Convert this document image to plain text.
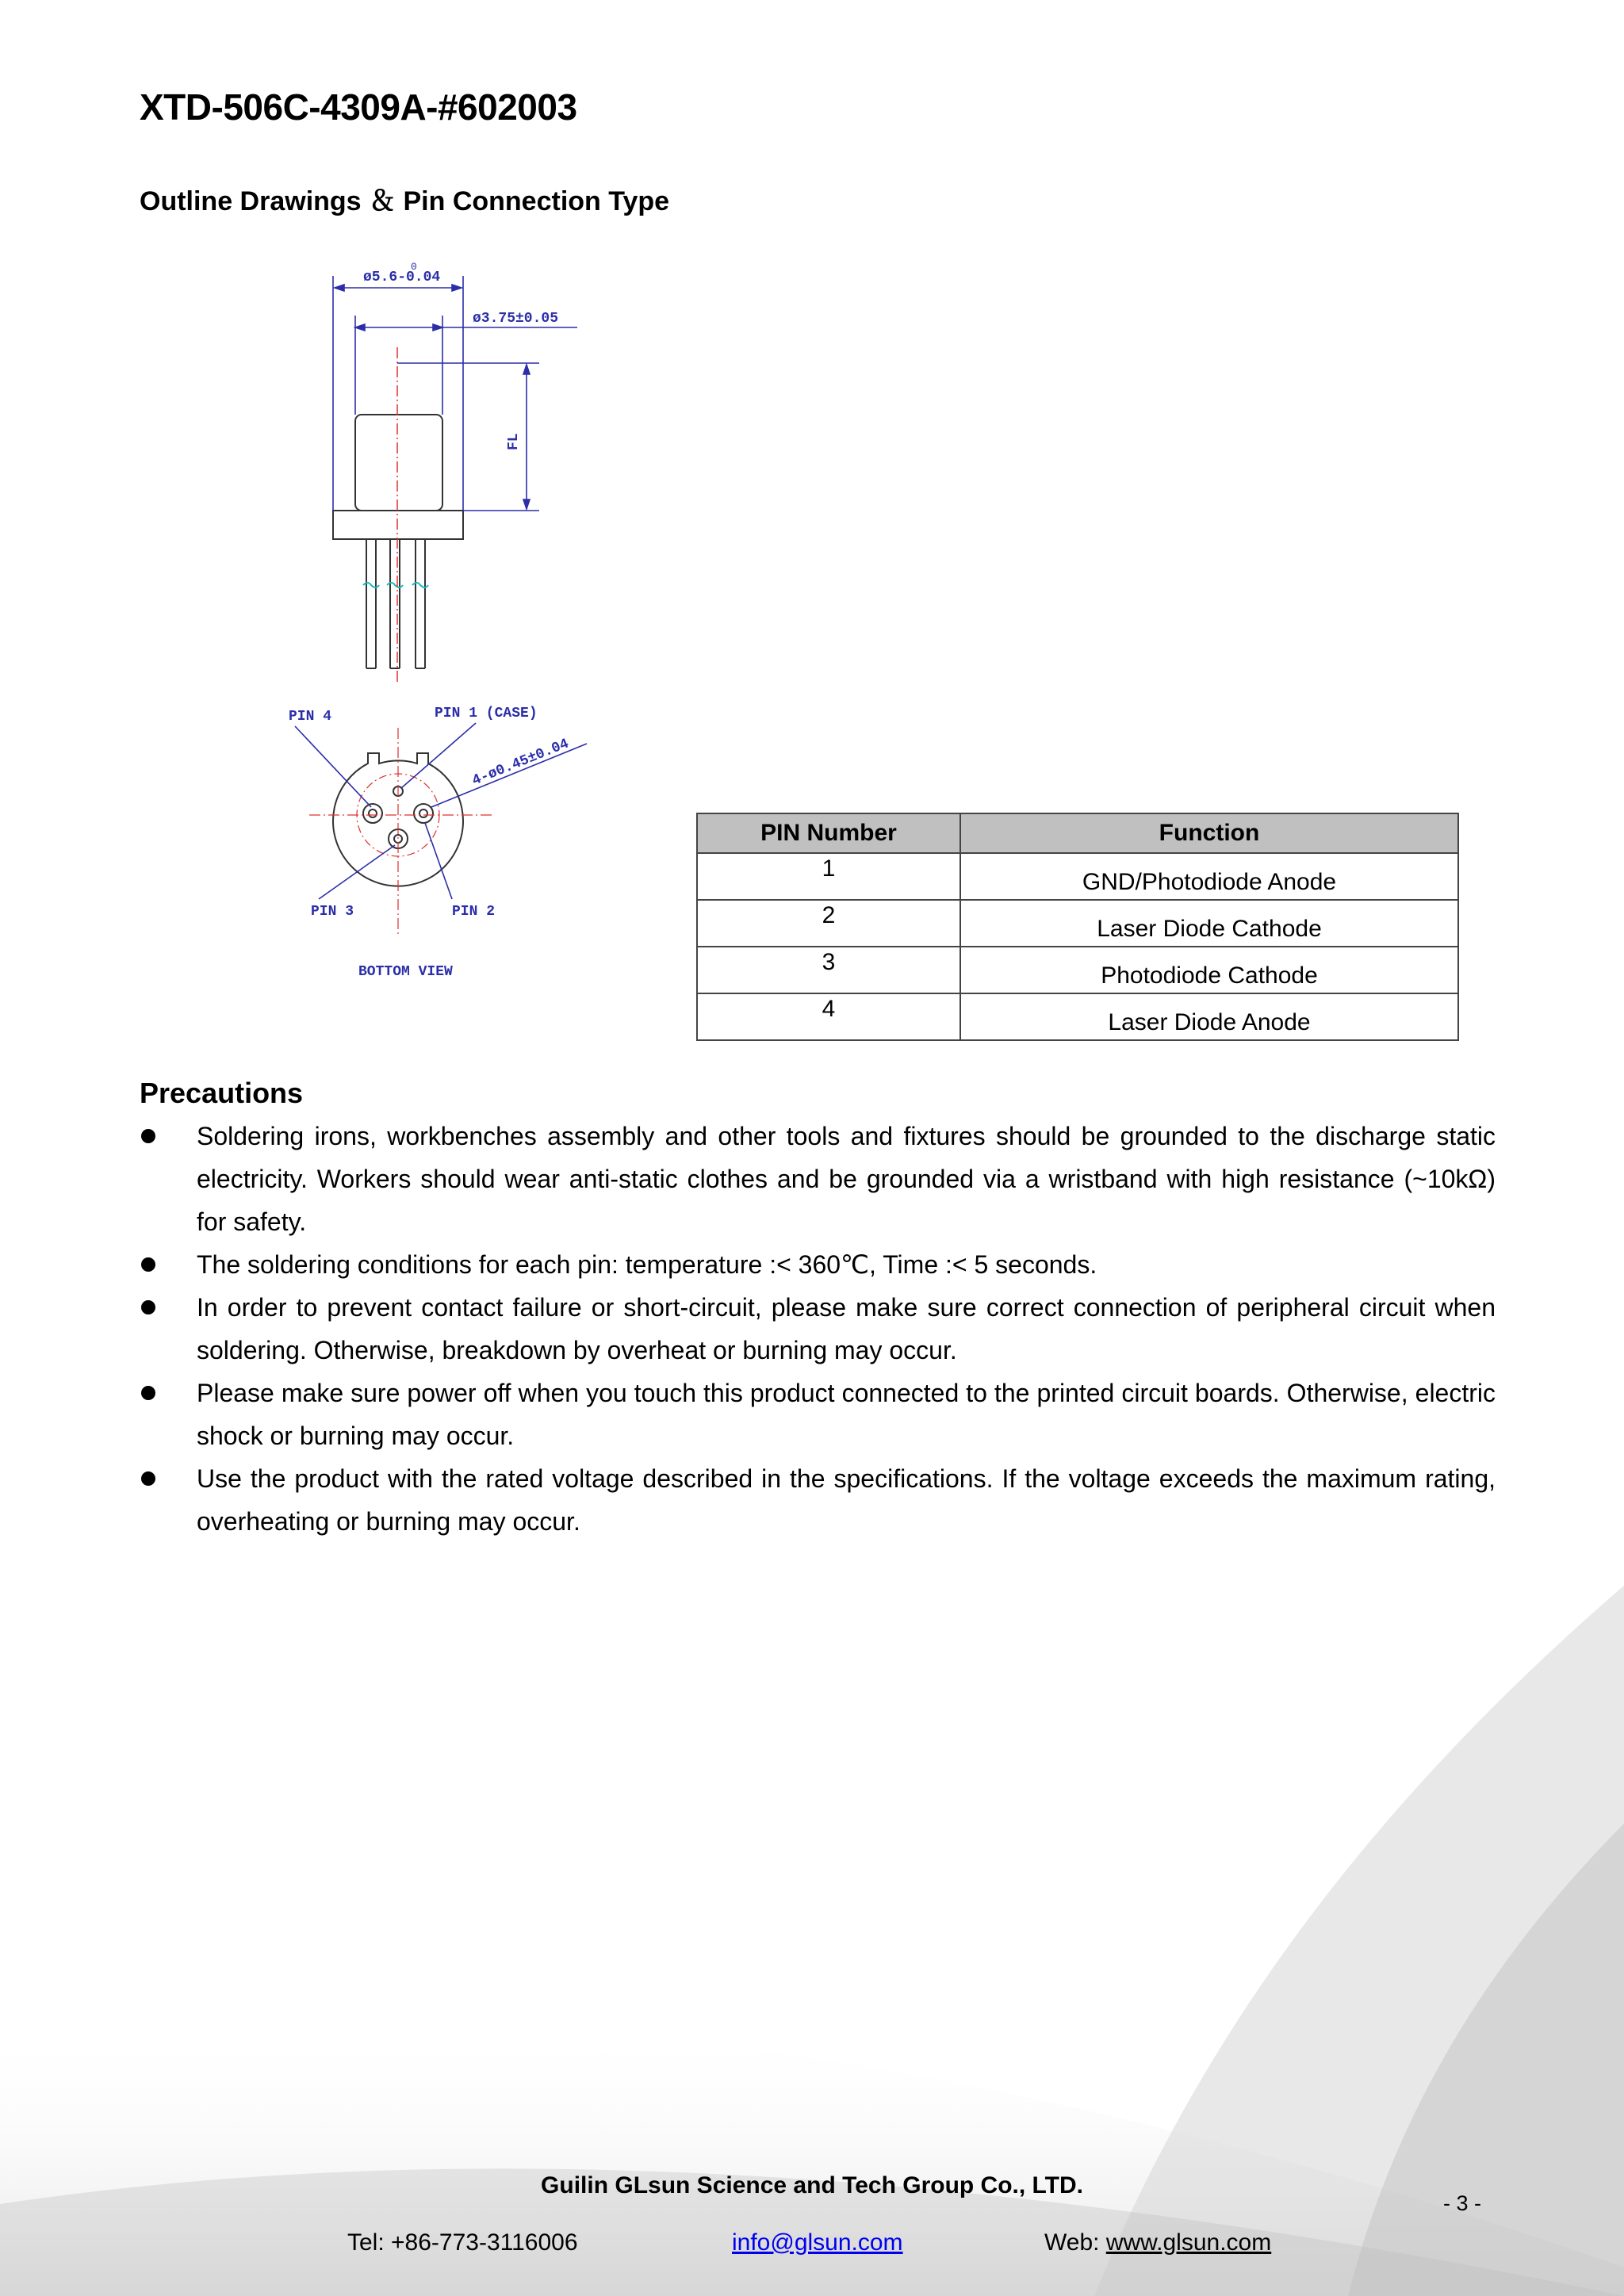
XTD-506C-4309A-#602003
Outline Drawings ＆ Pin Connection Type
ø5.6-0.04
0
ø3.75±0.05
FL
PIN 4	PIN 1 (CASE)
4-ø0.45±0.04
PIN 3	PIN 2
BOTTOM VIEW
PIN Number	Function
1	GND/Photodiode Anode
2	Laser Diode Cathode
3	Photodiode Cathode
4	Laser Diode Anode
Precautions
Soldering irons, workbenches assembly and other tools and fixtures should be grounded to the discharge static electricity. Workers should wear anti-static clothes and be grounded via a wristband with high resistance (~10kΩ) for safety.
The soldering conditions for each pin: temperature :< 360℃, Time :< 5 seconds.
In order to prevent contact failure or short-circuit, please make sure correct connection of peripheral circuit when soldering. Otherwise, breakdown by overheat or burning may occur.
Please make sure power off when you touch this product connected to the printed circuit boards. Otherwise, electric shock or burning may occur.
Use the product with the rated voltage described in the specifications. If the voltage exceeds the maximum rating, overheating or burning may occur.
Guilin GLsun Science and Tech Group Co., LTD.
- 3 -
Tel: +86-773-3116006	info@glsun.com	Web: www.glsun.com
